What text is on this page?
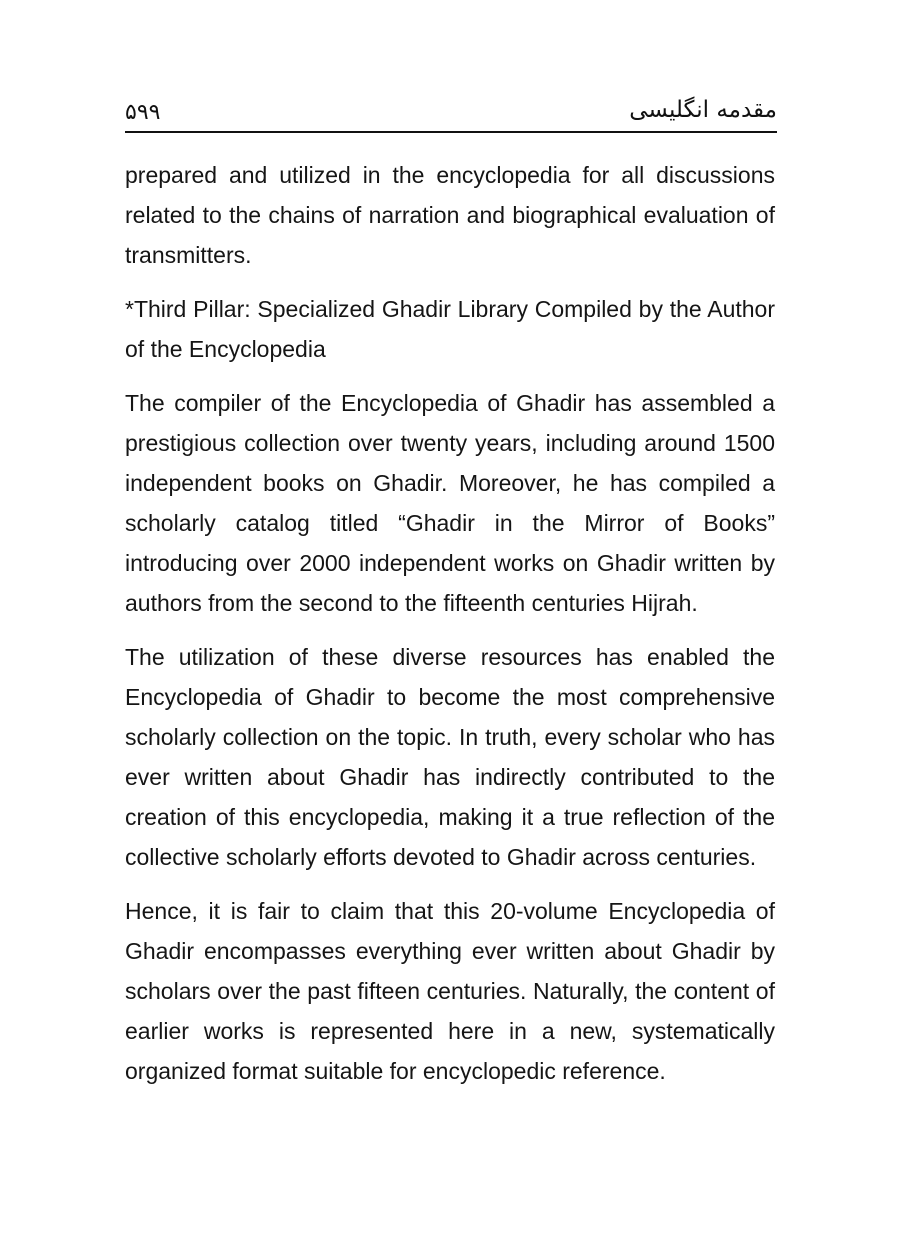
۵۹۹	مقدمه انگلیسی

prepared and utilized in the encyclopedia for all discussions related to the chains of narration and biographical evaluation of transmitters.

*Third Pillar: Specialized Ghadir Library Compiled by the Author of the Encyclopedia

The compiler of the Encyclopedia of Ghadir has assembled a prestigious collection over twenty years, including around 1500 independent books on Ghadir. Moreover, he has compiled a scholarly catalog titled “Ghadir in the Mirror of Books” introducing over 2000 independent works on Ghadir written by authors from the second to the fifteenth centuries Hijrah.

The utilization of these diverse resources has enabled the Encyclopedia of Ghadir to become the most comprehensive scholarly collection on the topic. In truth, every scholar who has ever written about Ghadir has indirectly contributed to the creation of this encyclopedia, making it a true reflection of the collective scholarly efforts devoted to Ghadir across centuries.

Hence, it is fair to claim that this 20-volume Encyclopedia of Ghadir encompasses everything ever written about Ghadir by scholars over the past fifteen centuries. Naturally, the content of earlier works is represented here in a new, systematically organized format suitable for encyclopedic reference.
